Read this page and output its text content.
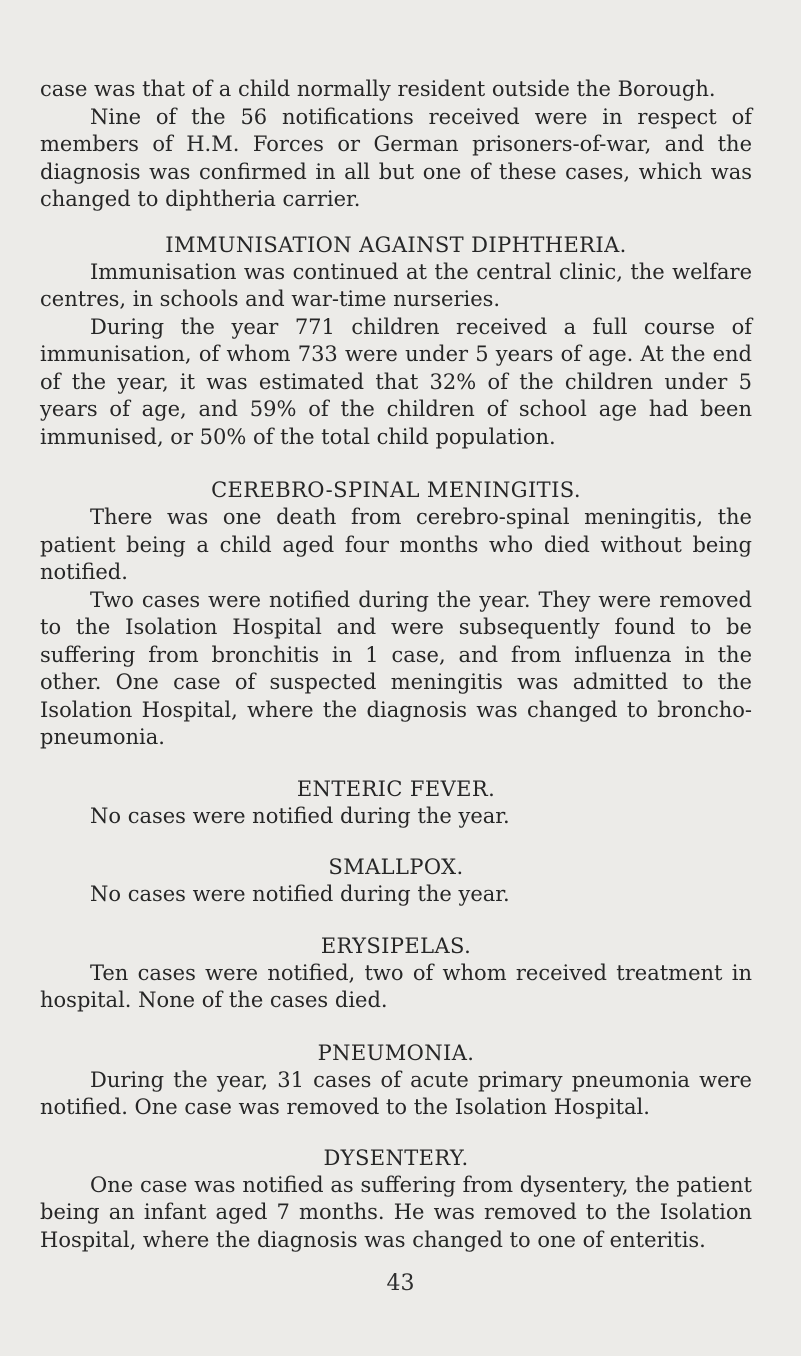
case was that of a child normally resident outside the Borough.

Nine of the 56 notifications received were in respect of members of H.M. Forces or German prisoners-of-war, and the diagnosis was confirmed in all but one of these cases, which was changed to diphtheria carrier.

IMMUNISATION AGAINST DIPHTHERIA.

Immunisation was continued at the central clinic, the welfare centres, in schools and war-time nurseries.

During the year 771 children received a full course of immunisation, of whom 733 were under 5 years of age. At the end of the year, it was estimated that 32% of the children under 5 years of age, and 59% of the children of school age had been immunised, or 50% of the total child population.

CEREBRO-SPINAL MENINGITIS.

There was one death from cerebro-spinal meningitis, the patient being a child aged four months who died without being notified.

Two cases were notified during the year. They were removed to the Isolation Hospital and were subsequently found to be suffering from bronchitis in 1 case, and from influenza in the other. One case of suspected meningitis was admitted to the Isolation Hospital, where the diagnosis was changed to broncho-pneumonia.

ENTERIC FEVER.

No cases were notified during the year.

SMALLPOX.

No cases were notified during the year.

ERYSIPELAS.

Ten cases were notified, two of whom received treatment in hospital. None of the cases died.

PNEUMONIA.

During the year, 31 cases of acute primary pneumonia were notified. One case was removed to the Isolation Hospital.

DYSENTERY.

One case was notified as suffering from dysentery, the patient being an infant aged 7 months. He was removed to the Isolation Hospital, where the diagnosis was changed to one of enteritis.

43
